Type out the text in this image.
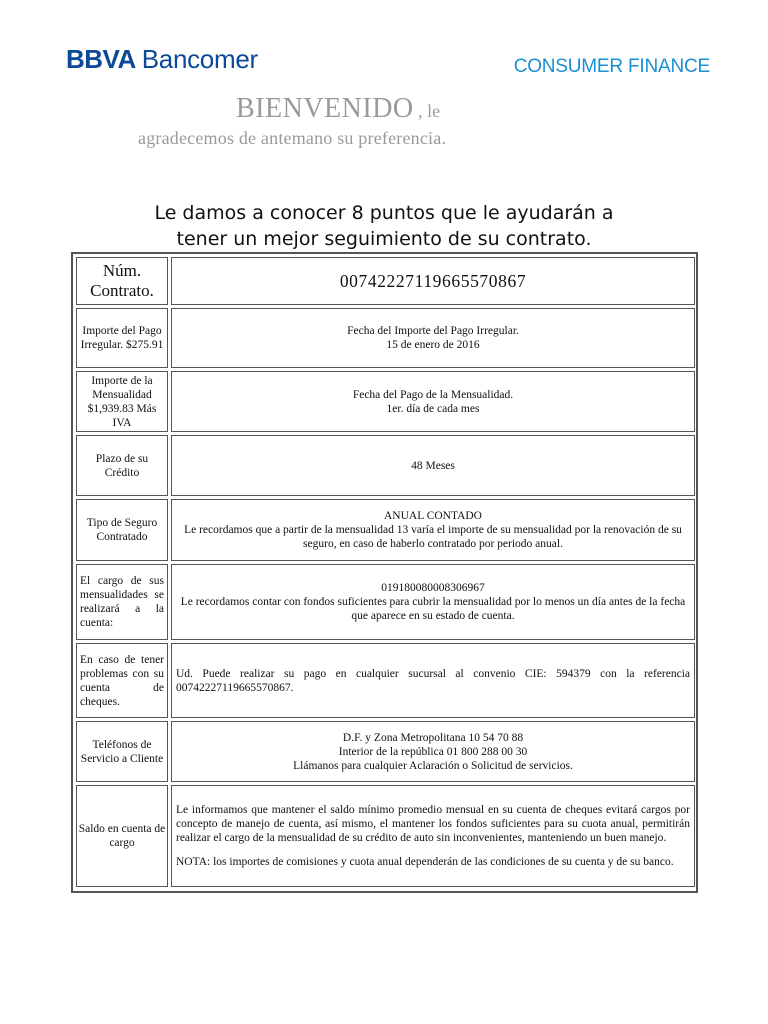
BBVA Bancomer	CONSUMER FINANCE
BIENVENIDO , le
agradecemos de antemano su preferencia.
Le damos a conocer 8 puntos que le ayudarán a
tener un mejor seguimiento de su contrato.
Núm.
Contrato.	00742227119665570867
Importe del Pago Irregular. $275.91
Fecha del Importe del Pago Irregular.
15 de enero de 2016
Importe de la Mensualidad $1,939.83 Más IVA
Fecha del Pago de la Mensualidad.
1er. día de cada mes
Plazo de su Crédito
48 Meses
Tipo de Seguro Contratado
ANUAL CONTADO
Le recordamos que a partir de la mensualidad 13 varía el importe de su mensualidad por la renovación de su seguro, en caso de haberlo contratado por periodo anual.
El cargo de sus mensualidades se realizará a la cuenta:
019180080008306967
Le recordamos contar con fondos suficientes para cubrir la mensualidad por lo menos un día antes de la fecha que aparece en su estado de cuenta.
En caso de tener problemas con su cuenta de cheques.
Ud. Puede realizar su pago en cualquier sucursal al convenio CIE: 594379 con la referencia 00742227119665570867.
Teléfonos de Servicio a Cliente
D.F. y Zona Metropolitana 10 54 70 88
Interior de la república 01 800 288 00 30
Llámanos para cualquier Aclaración o Solicitud de servicios.
Saldo en cuenta de cargo
Le informamos que mantener el saldo mínimo promedio mensual en su cuenta de cheques evitará cargos por concepto de manejo de cuenta, así mismo, el mantener los fondos suficientes para su cuota anual, permitirán realizar el cargo de la mensualidad de su crédito de auto sin inconvenientes, manteniendo un buen manejo.
NOTA: los importes de comisiones y cuota anual dependerán de las condiciones de su cuenta y de su banco.
